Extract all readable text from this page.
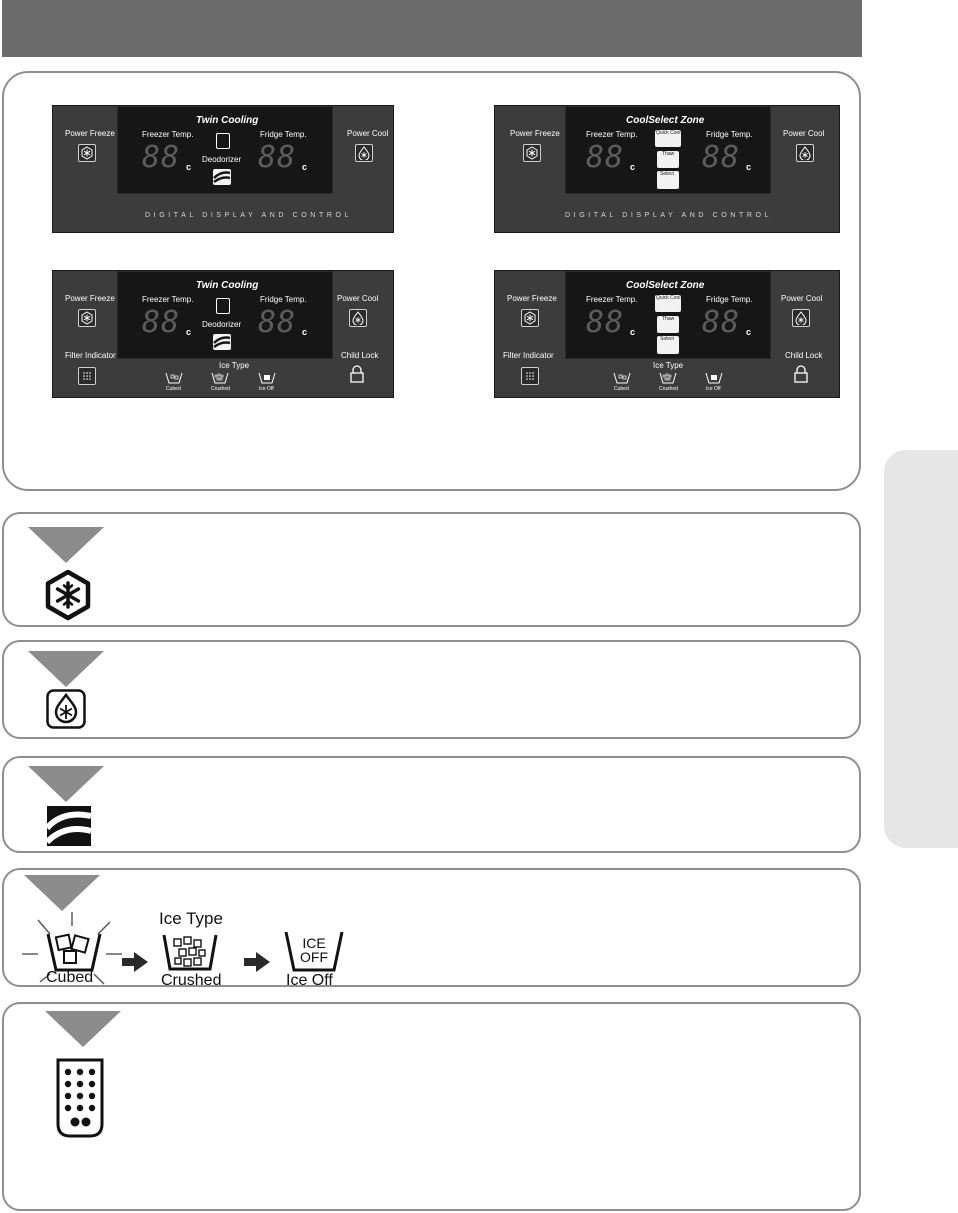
Power Freeze
Twin Cooling
Freezer Temp.	Fridge Temp.
88 c 88 c
Deodorizer
Power Cool
DIGITAL DISPLAY AND CONTROL
Power Freeze
CoolSelect Zone
Freezer Temp.	Fridge Temp.
88 c 88 c
Quick Cool
Thaw
Select
Power Cool
DIGITAL DISPLAY AND CONTROL
Power Freeze
Filter Indicator
Twin Cooling
Freezer Temp.	Fridge Temp.
88 c 88 c
Deodorizer
Ice Type
Cubed	Crushed	Ice Off
Power Cool
Child Lock
Power Freeze
Filter Indicator
CoolSelect Zone
Freezer Temp.	Fridge Temp.
88 c 88 c
Quick Cool
Thaw
Select
Ice Type
Cubed	Crushed	Ice Off
Power Cool
Child Lock
Ice Type
Cubed	Crushed
ICE
OFF
Ice Off
